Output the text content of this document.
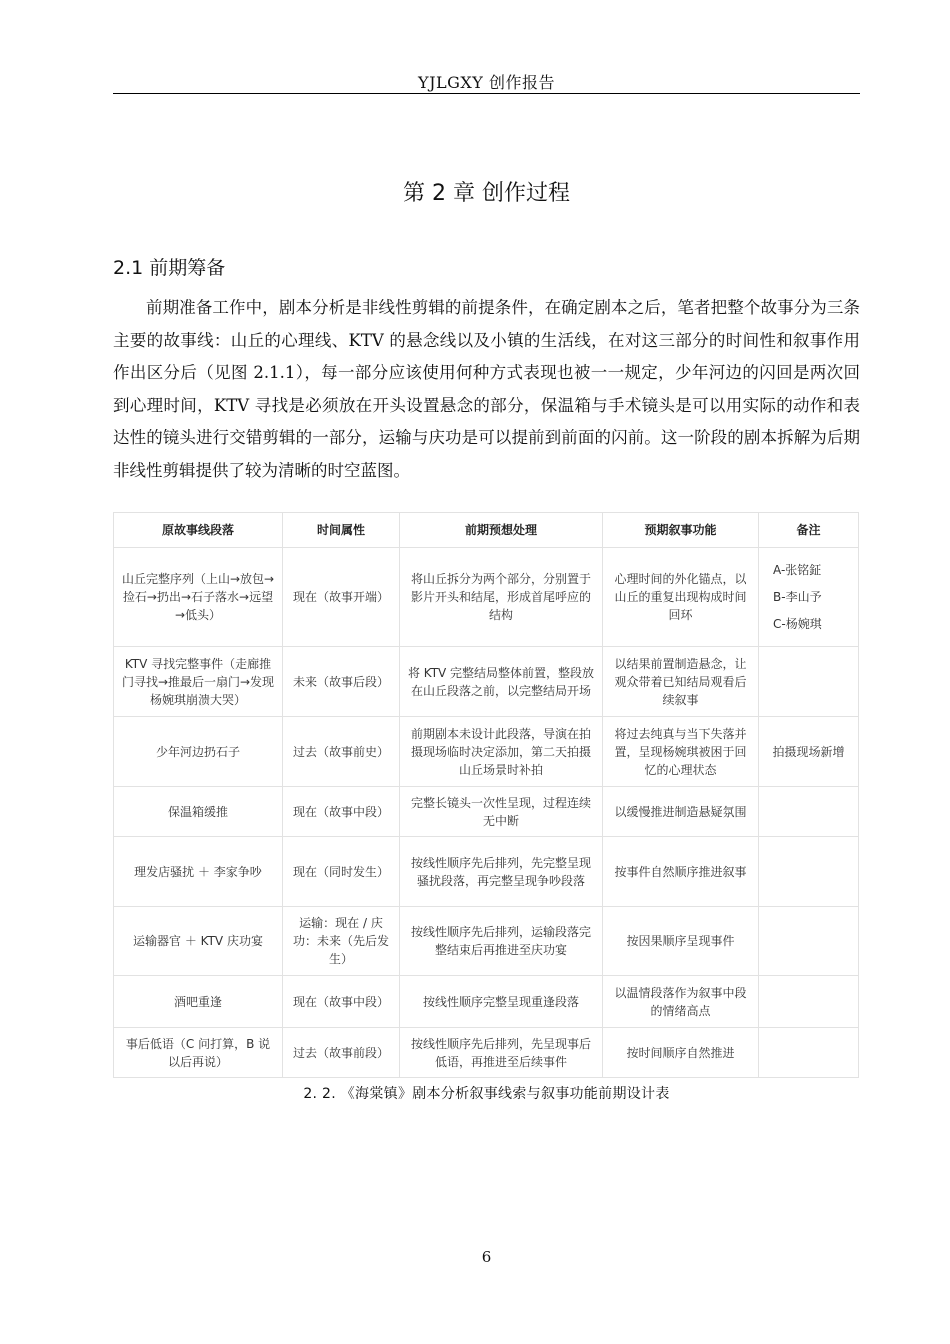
YJLGXY 创作报告
第 2 章 创作过程
2.1 前期筹备
前期准备工作中，剧本分析是非线性剪辑的前提条件，在确定剧本之后，笔者把整个故事分为三条主要的故事线：山丘的心理线、KTV 的悬念线以及小镇的生活线，在对这三部分的时间性和叙事作用作出区分后（见图 2.1.1），每一部分应该使用何种方式表现也被一一规定，少年河边的闪回是两次回到心理时间，KTV 寻找是必须放在开头设置悬念的部分，保温箱与手术镜头是可以用实际的动作和表达性的镜头进行交错剪辑的一部分，运输与庆功是可以提前到前面的闪前。这一阶段的剧本拆解为后期非线性剪辑提供了较为清晰的时空蓝图。
原故事线段落	时间属性	前期预想处理	预期叙事功能	备注
山丘完整序列（上山→放包→捡石→扔出→石子落水→远望→低头）	现在（故事开端）	将山丘拆分为两个部分，分别置于影片开头和结尾，形成首尾呼应的结构	心理时间的外化锚点，以山丘的重复出现构成时间回环	A-张铭鉦
B-李山予
C-杨婉琪

KTV 寻找完整事件（走廊推门寻找→推最后一扇门→发现杨婉琪崩溃大哭）	未来（故事后段）	将 KTV 完整结局整体前置，整段放在山丘段落之前，以完整结局开场	以结果前置制造悬念，让观众带着已知结局观看后续叙事	
少年河边扔石子	过去（故事前史）	前期剧本未设计此段落，导演在拍摄现场临时决定添加，第二天拍摄山丘场景时补拍	将过去纯真与当下失落并置，呈现杨婉琪被困于回忆的心理状态	拍摄现场新增
保温箱缓推	现在（故事中段）	完整长镜头一次性呈现，过程连续无中断	以缓慢推进制造悬疑氛围	
理发店骚扰 ＋ 李家争吵	现在（同时发生）	按线性顺序先后排列，先完整呈现骚扰段落，再完整呈现争吵段落	按事件自然顺序推进叙事	
运输器官 ＋ KTV 庆功宴	运输：现在 / 庆功：未来（先后发生）	按线性顺序先后排列，运输段落完整结束后再推进至庆功宴	按因果顺序呈现事件	
酒吧重逢	现在（故事中段）	按线性顺序完整呈现重逢段落	以温情段落作为叙事中段的情绪高点	
事后低语（C 问打算，B 说以后再说）	过去（故事前段）	按线性顺序先后排列，先呈现事后低语，再推进至后续事件	按时间顺序自然推进	
2. 2. 《海棠镇》剧本分析叙事线索与叙事功能前期设计表
6
